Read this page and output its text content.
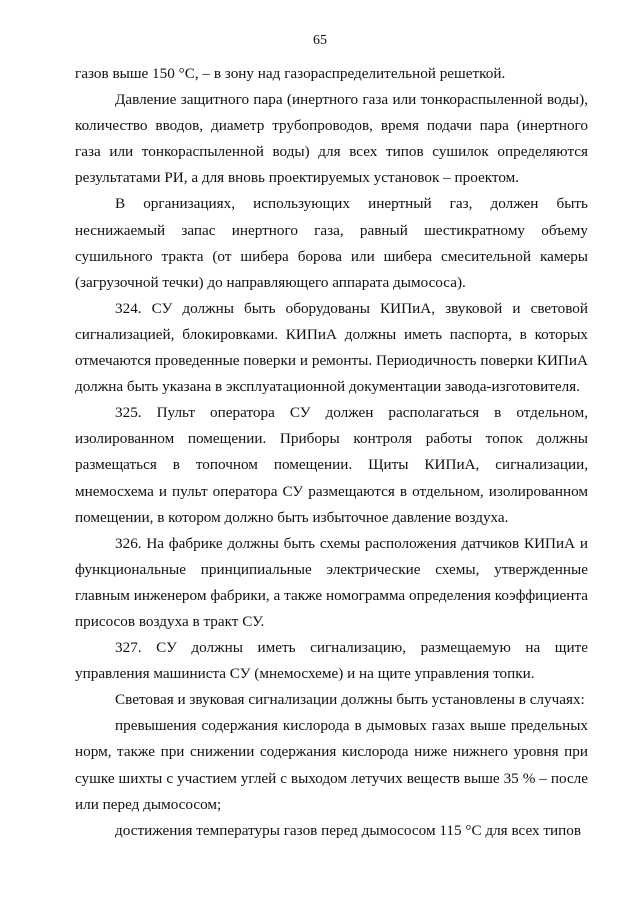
65

газов выше 150 °С, – в зону над газораспределительной решеткой.

Давление защитного пара (инертного газа или тонкораспыленной воды), количество вводов, диаметр трубопроводов, время подачи пара (инертного газа или тонкораспыленной воды) для всех типов сушилок определяются результатами РИ, а для вновь проектируемых установок – проектом.

В организациях, использующих инертный газ, должен быть неснижаемый запас инертного газа, равный шестикратному объему сушильного тракта (от шибера борова или шибера смесительной камеры (загрузочной течки) до направляющего аппарата дымососа).

324. СУ должны быть оборудованы КИПиА, звуковой и световой сигнализацией, блокировками. КИПиА должны иметь паспорта, в которых отмечаются проведенные поверки и ремонты. Периодичность поверки КИПиА должна быть указана в эксплуатационной документации завода-изготовителя.

325. Пульт оператора СУ должен располагаться в отдельном, изолированном помещении. Приборы контроля работы топок должны размещаться в топочном помещении. Щиты КИПиА, сигнализации, мнемосхема и пульт оператора СУ размещаются в отдельном, изолированном помещении, в котором должно быть избыточное давление воздуха.

326. На фабрике должны быть схемы расположения датчиков КИПиА и функциональные принципиальные электрические схемы, утвержденные главным инженером фабрики, а также номограмма определения коэффициента присосов воздуха в тракт СУ.

327. СУ должны иметь сигнализацию, размещаемую на щите управления машиниста СУ (мнемосхеме) и на щите управления топки.

Световая и звуковая сигнализации должны быть установлены в случаях:

превышения содержания кислорода в дымовых газах выше предельных норм, также при снижении содержания кислорода ниже нижнего уровня при сушке шихты с участием углей с выходом летучих веществ выше 35 % – после или перед дымососом;

достижения температуры газов перед дымососом 115 °С для всех типов
